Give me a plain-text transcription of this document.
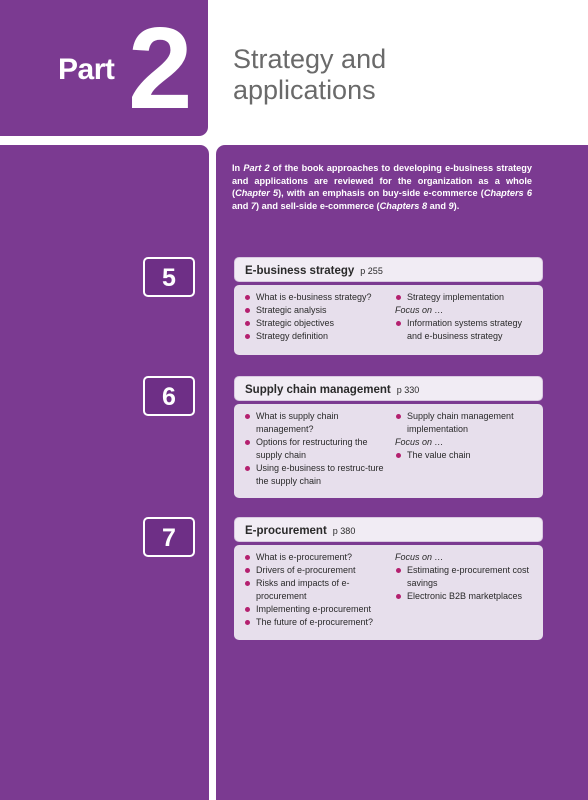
Part 2 Strategy and
applications
In Part 2 of the book approaches to developing e-business strategy and applications are reviewed for the organization as a whole (Chapter 5), with an emphasis on buy-side e-commerce (Chapters 6 and 7) and sell-side e-commerce (Chapters 8 and 9).
5	E-business strategy p 255
What is e-business strategy?
Strategic analysis
Strategic objectives
Strategy definition
Strategy implementation
Focus on …
Information systems strategy and e-business strategy
6	Supply chain management p 330
What is supply chain management?
Options for restructuring the supply chain
Using e-business to restruc-ture the supply chain
Supply chain management implementation
Focus on …
The value chain
7	E-procurement p 380
What is e-procurement?
Drivers of e-procurement
Risks and impacts of e-procurement
Implementing e-procurement
The future of e-procurement?
Focus on …
Estimating e-procurement cost savings
Electronic B2B marketplaces
